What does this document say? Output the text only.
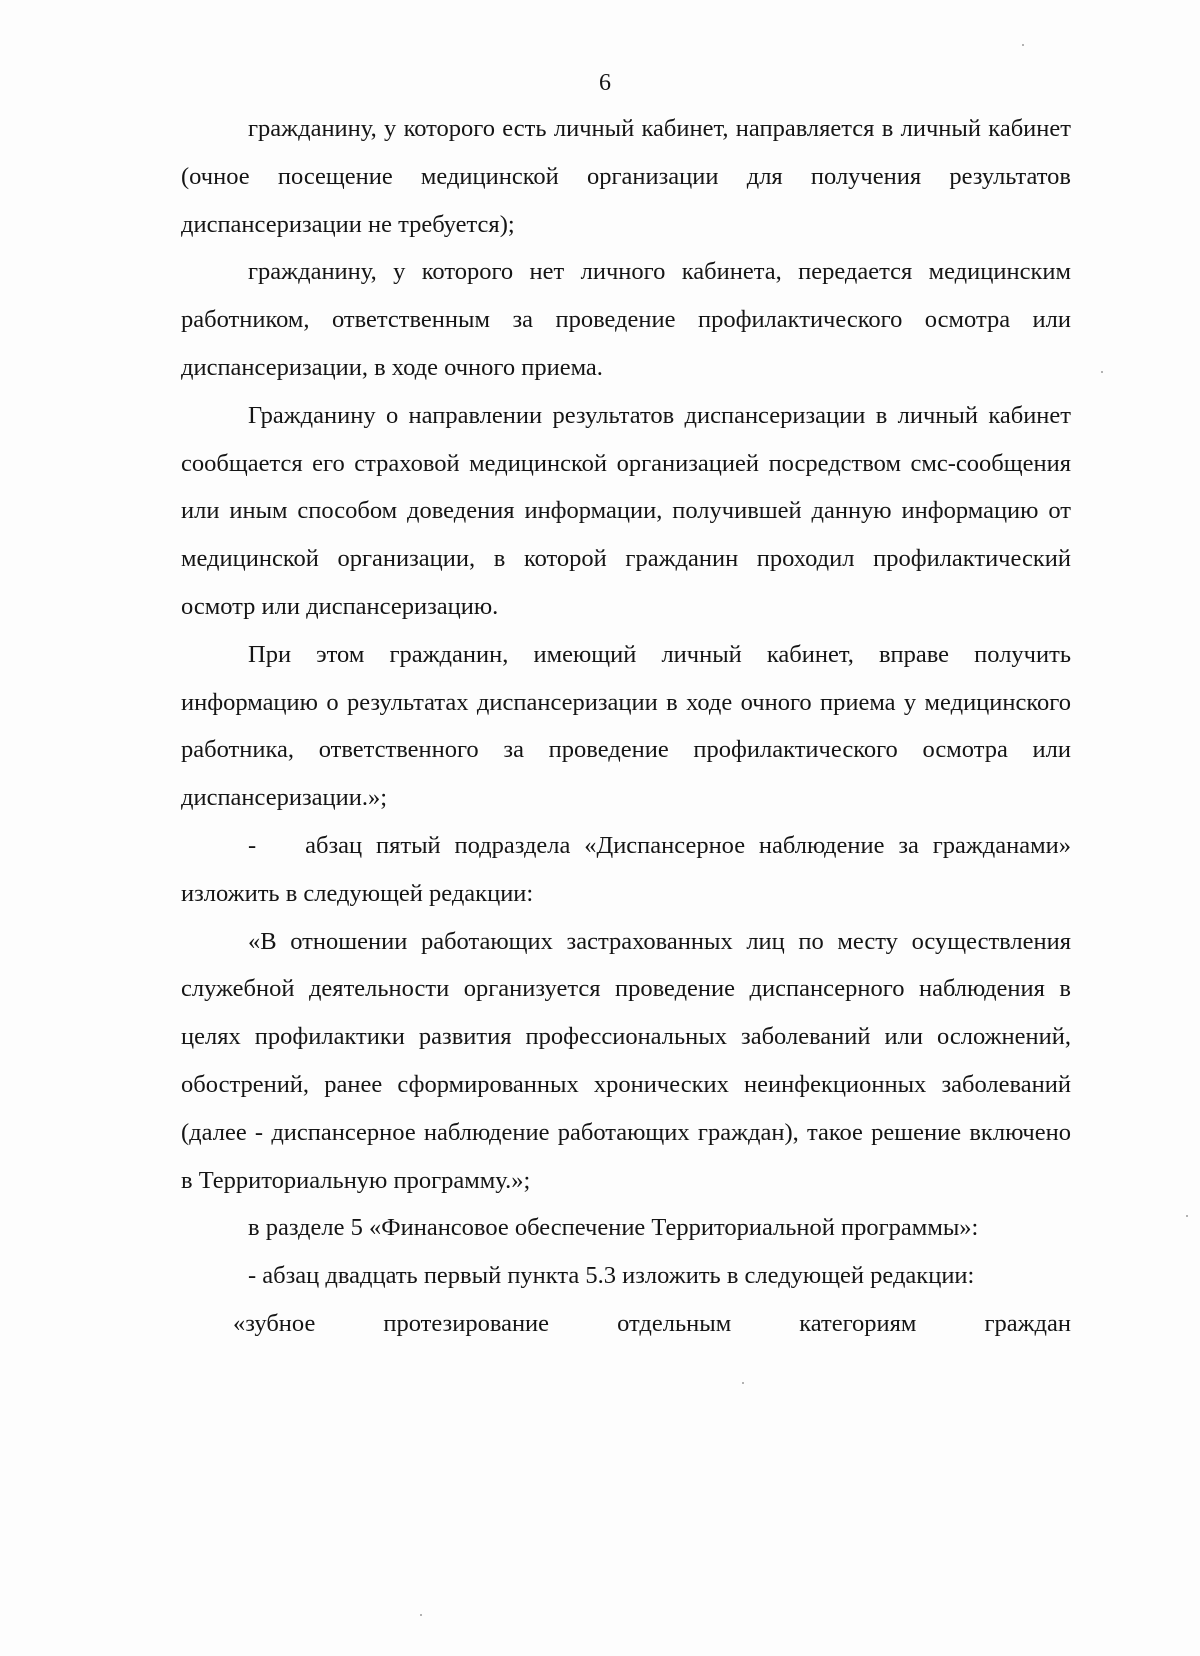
6

гражданину, у которого есть личный кабинет, направляется в личный кабинет (очное посещение медицинской организации для получения результатов диспансеризации не требуется);

гражданину, у которого нет личного кабинета, передается медицинским работником, ответственным за проведение профилактического осмотра или диспансеризации, в ходе очного приема.

Гражданину о направлении результатов диспансеризации в личный кабинет сообщается его страховой медицинской организацией посредством смс-сообщения или иным способом доведения информации, получившей данную информацию от медицинской организации, в которой гражданин проходил профилактический осмотр или диспансеризацию.

При этом гражданин, имеющий личный кабинет, вправе получить информацию о результатах диспансеризации в ходе очного приема у медицинского работника, ответственного за проведение профилактического осмотра или диспансеризации.»;

-  абзац пятый подраздела «Диспансерное наблюдение за гражданами» изложить в следующей редакции:

«В отношении работающих застрахованных лиц по месту осуществления служебной деятельности организуется проведение диспансерного наблюдения в целях профилактики развития профессиональных заболеваний или осложнений, обострений, ранее сформированных хронических неинфекционных заболеваний (далее - диспансерное наблюдение работающих граждан), такое решение включено в Территориальную программу.»;

в разделе 5 «Финансовое обеспечение Территориальной программы»:

- абзац двадцать первый пункта 5.3 изложить в следующей редакции:

«зубное протезирование отдельным категориям граждан
